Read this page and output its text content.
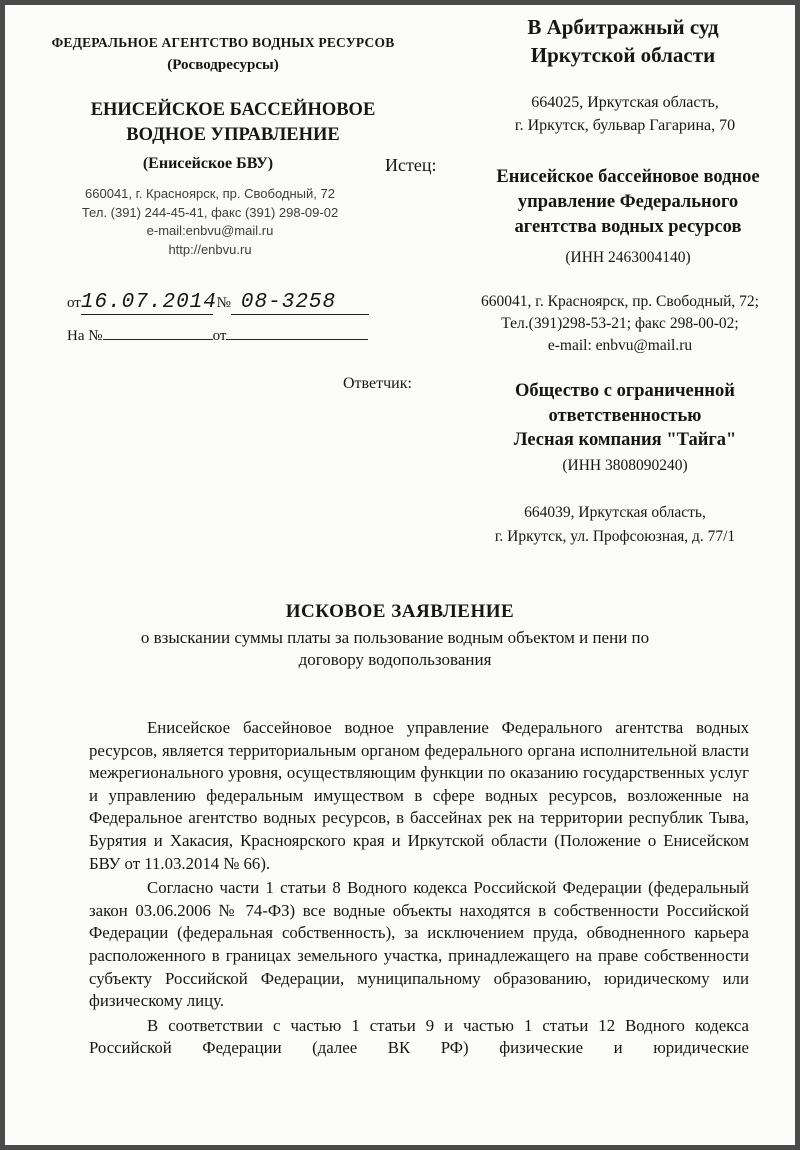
ФЕДЕРАЛЬНОЕ АГЕНТСТВО ВОДНЫХ РЕСУРСОВ
(Росводресурсы)
ЕНИСЕЙСКОЕ БАССЕЙНОВОЕ
ВОДНОЕ УПРАВЛЕНИЕ
(Енисейское БВУ)
660041, г. Красноярск, пр. Свободный, 72
Тел. (391) 244-45-41, факс (391) 298-09-02
e-mail:enbvu@mail.ru
http://enbvu.ru
от16.07.2014 № 08-3258
На №	от
В Арбитражный суд
Иркутской области
664025, Иркутская область,
г. Иркутск, бульвар Гагарина, 70
Истец:
Енисейское бассейновое водное
управление Федерального
агентства водных ресурсов
(ИНН 2463004140)
660041, г. Красноярск, пр. Свободный, 72;
Тел.(391)298-53-21; факс 298-00-02;
e-mail: enbvu@mail.ru
Ответчик:	Общество с ограниченной
ответственностью
Лесная компания "Тайга"
(ИНН 3808090240)
664039, Иркутская область,
г. Иркутск, ул. Профсоюзная, д. 77/1
ИСКОВОЕ ЗАЯВЛЕНИЕ
о взыскании суммы платы за пользование водным объектом и пени по
договору водопользования

Енисейское бассейновое водное управление Федерального агентства водных ресурсов, является территориальным органом федерального органа исполнительной власти межрегионального уровня, осуществляющим функции по оказанию государственных услуг и управлению федеральным имуществом в сфере водных ресурсов, возложенные на Федеральное агентство водных ресурсов, в бассейнах рек на территории республик Тыва, Бурятия и Хакасия, Красноярского края и Иркутской области (Положение о Енисейском БВУ от 11.03.2014 № 66).

Согласно части 1 статьи 8 Водного кодекса Российской Федерации (федеральный закон 03.06.2006 № 74-ФЗ) все водные объекты находятся в собственности Российской Федерации (федеральная собственность), за исключением пруда, обводненного карьера расположенного в границах земельного участка, принадлежащего на праве собственности субъекту Российской Федерации, муниципальному образованию, юридическому или физическому лицу.

В соответствии с частью 1 статьи 9 и частью 1 статьи 12 Водного кодекса Российской Федерации (далее ВК РФ) физические и юридические
